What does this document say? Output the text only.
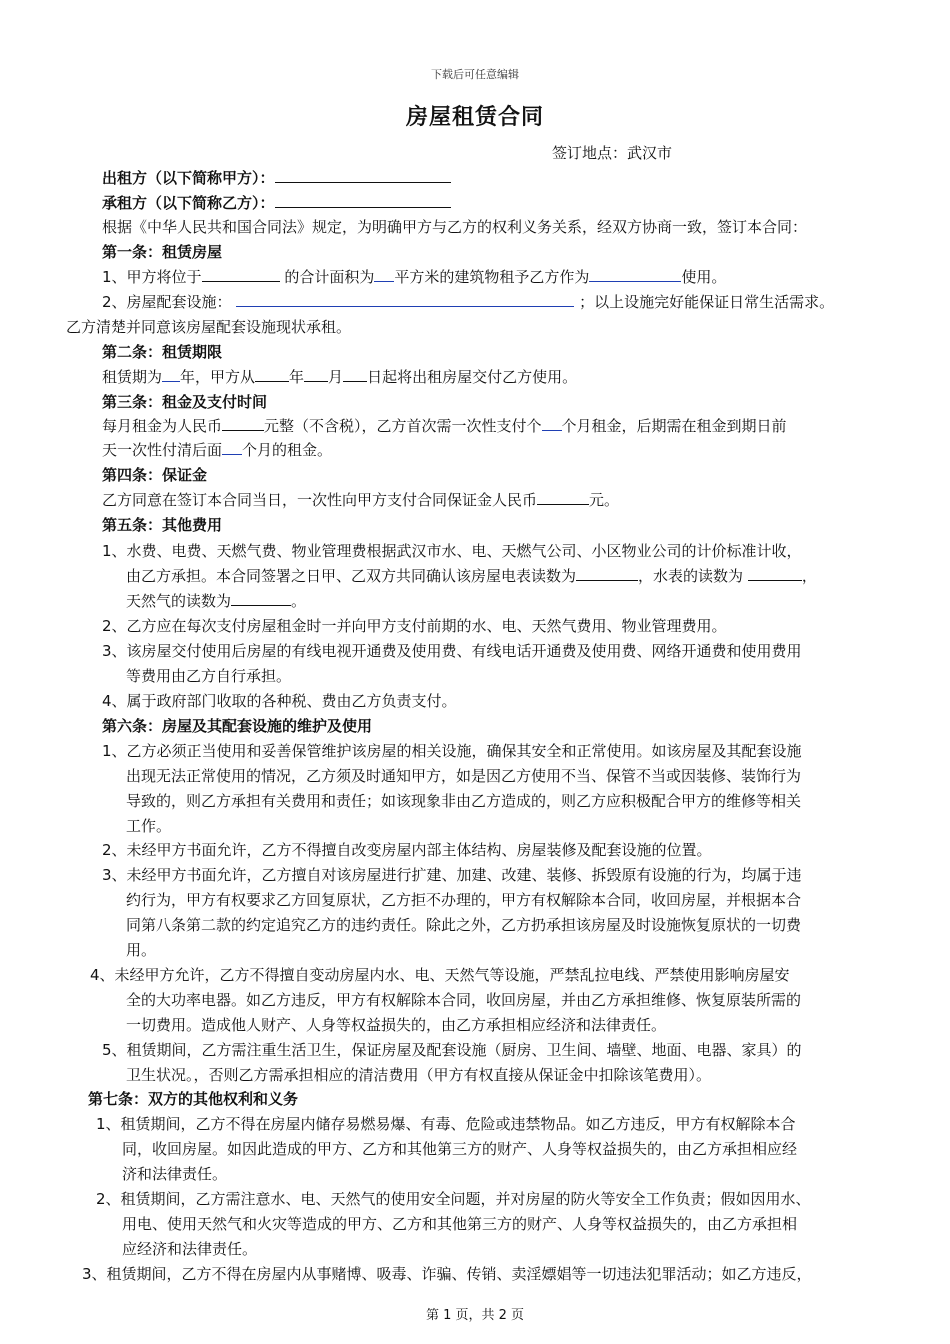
下载后可任意编辑
房屋租赁合同
签订地点：武汉市
出租方（以下简称甲方）：
承租方（以下简称乙方）：
根据《中华人民共和国合同法》规定，为明确甲方与乙方的权利义务关系，经双方协商一致，签订本合同：
第一条：租赁房屋
1、甲方将位于	的合计面积为 平方米的建筑物租予乙方作为	使用。
2、房屋配套设施：	；以上设施完好能保证日常生活需求。
乙方清楚并同意该房屋配套设施现状承租。
第二条：租赁期限
租赁期为 年，甲方从 年 月 日起将出租房屋交付乙方使用。
第三条：租金及支付时间
每月租金为人民币	元整（不含税），乙方首次需一次性支付个 个月租金，后期需在租金到期日前
天一次性付清后面 个月的租金。
第四条：保证金
乙方同意在签订本合同当日，一次性向甲方支付合同保证金人民币	元。
第五条：其他费用
1、水费、电费、天燃气费、物业管理费根据武汉市水、电、天燃气公司、小区物业公司的计价标准计收，
由乙方承担。本合同签署之日甲、乙双方共同确认该房屋电表读数为	，水表的读数为	，
天然气的读数为	。
2、乙方应在每次支付房屋租金时一并向甲方支付前期的水、电、天然气费用、物业管理费用。
3、该房屋交付使用后房屋的有线电视开通费及使用费、有线电话开通费及使用费、网络开通费和使用费用
等费用由乙方自行承担。
4、属于政府部门收取的各种税、费由乙方负责支付。
第六条：房屋及其配套设施的维护及使用
1、乙方必须正当使用和妥善保管维护该房屋的相关设施，确保其安全和正常使用。如该房屋及其配套设施
出现无法正常使用的情况，乙方须及时通知甲方，如是因乙方使用不当、保管不当或因装修、装饰行为
导致的，则乙方承担有关费用和责任；如该现象非由乙方造成的，则乙方应积极配合甲方的维修等相关
工作。
2、未经甲方书面允许，乙方不得擅自改变房屋内部主体结构、房屋装修及配套设施的位置。
3、未经甲方书面允许，乙方擅自对该房屋进行扩建、加建、改建、装修、拆毁原有设施的行为，均属于违
约行为，甲方有权要求乙方回复原状，乙方拒不办理的，甲方有权解除本合同，收回房屋，并根据本合
同第八条第二款的约定追究乙方的违约责任。除此之外，乙方扔承担该房屋及时设施恢复原状的一切费
用。
4、未经甲方允许，乙方不得擅自变动房屋内水、电、天然气等设施，严禁乱拉电线、严禁使用影响房屋安
全的大功率电器。如乙方违反，甲方有权解除本合同，收回房屋，并由乙方承担维修、恢复原装所需的
一切费用。造成他人财产、人身等权益损失的，由乙方承担相应经济和法律责任。
5、租赁期间，乙方需注重生活卫生，保证房屋及配套设施（厨房、卫生间、墙壁、地面、电器、家具）的
卫生状况。，否则乙方需承担相应的清洁费用（甲方有权直接从保证金中扣除该笔费用）。
第七条：双方的其他权利和义务
1、租赁期间，乙方不得在房屋内储存易燃易爆、有毒、危险或违禁物品。如乙方违反，甲方有权解除本合
同，收回房屋。如因此造成的甲方、乙方和其他第三方的财产、人身等权益损失的，由乙方承担相应经
济和法律责任。
2、租赁期间，乙方需注意水、电、天然气的使用安全问题，并对房屋的防火等安全工作负责；假如因用水、
用电、使用天然气和火灾等造成的甲方、乙方和其他第三方的财产、人身等权益损失的，由乙方承担相
应经济和法律责任。
3、租赁期间，乙方不得在房屋内从事赌博、吸毒、诈骗、传销、卖淫嫖娼等一切违法犯罪活动；如乙方违反，
第 1 页，共 2 页
